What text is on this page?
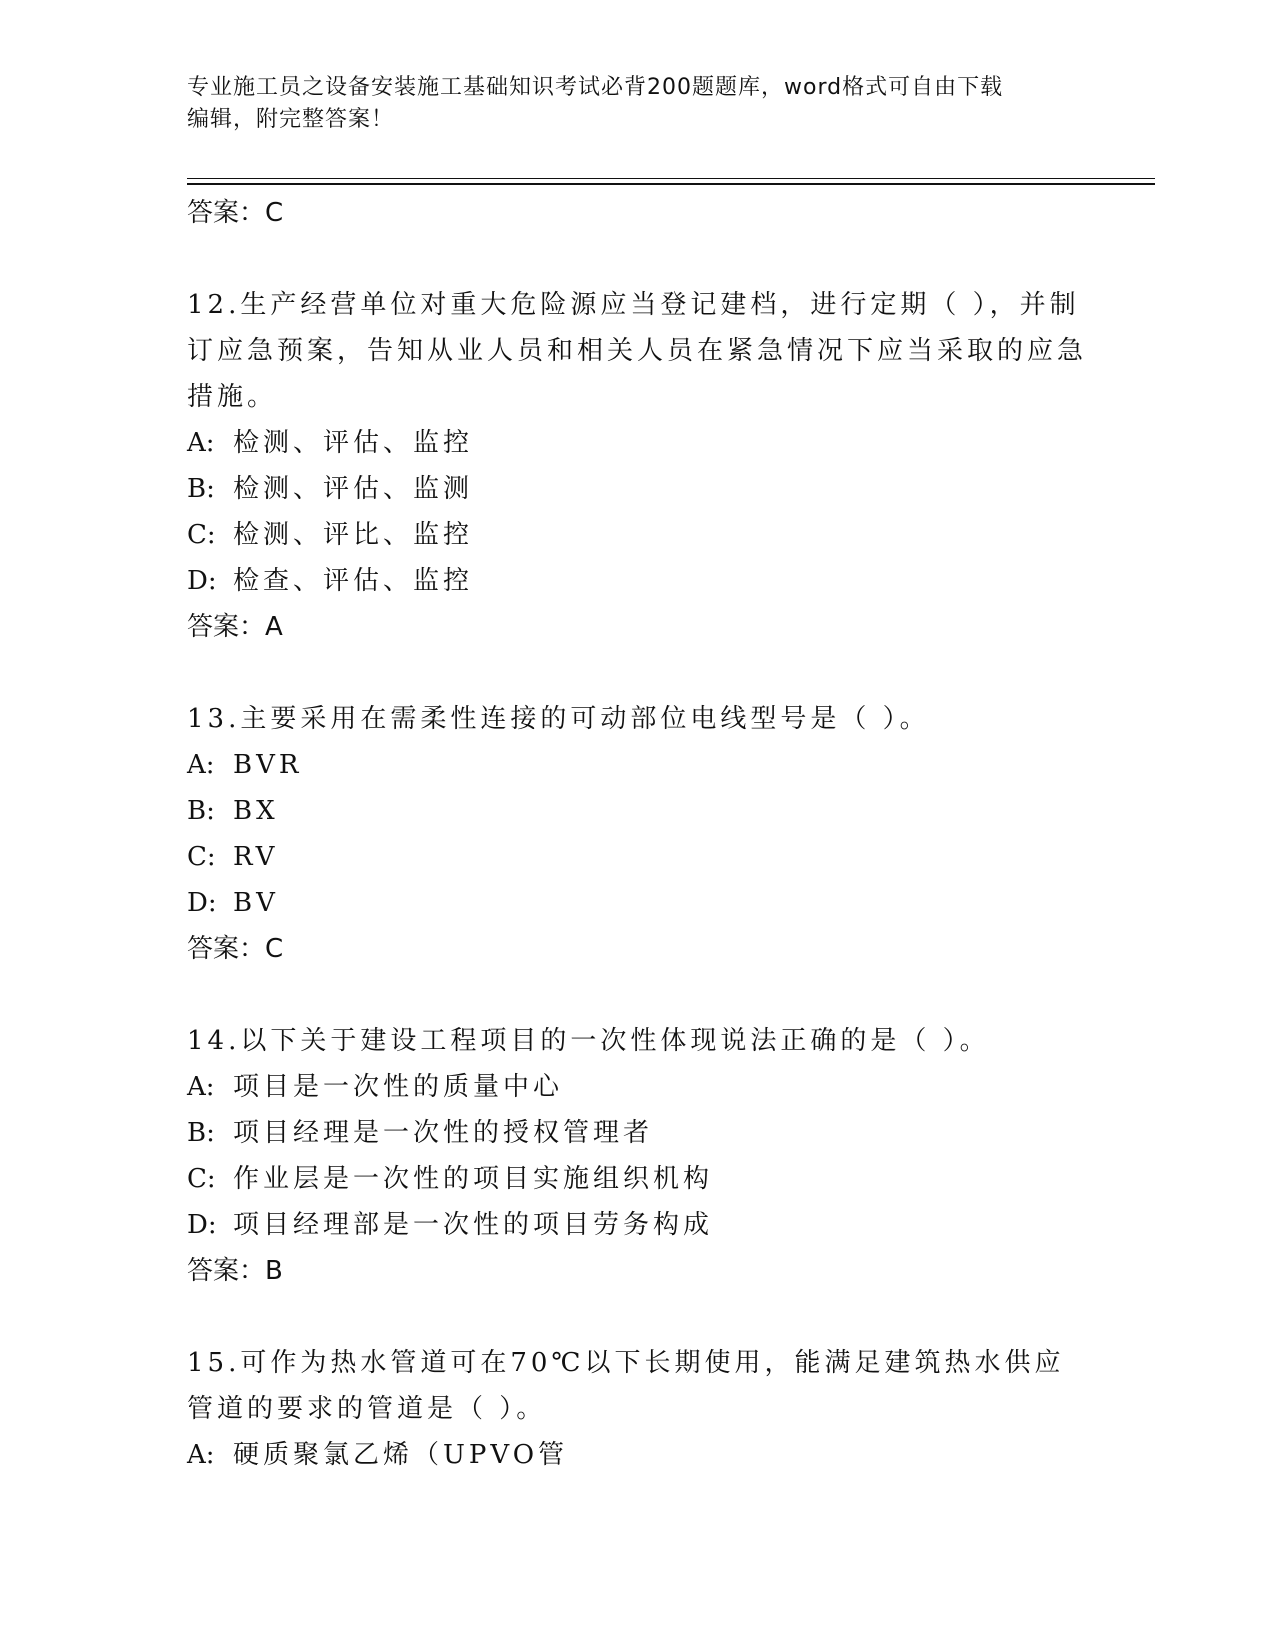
专业施工员之设备安装施工基础知识考试必背200题题库，word格式可自由下载
编辑，附完整答案！

答案：C

12.生产经营单位对重大危险源应当登记建档，进行定期（ ），并制订应急预案，告知从业人员和相关人员在紧急情况下应当采取的应急措施。

A: 检测、评估、监控

B: 检测、评估、监测

C: 检测、评比、监控

D: 检查、评估、监控

答案：A

13.主要采用在需柔性连接的可动部位电线型号是（ ）。

A: BVR

B: BX

C: RV

D: BV

答案：C

14.以下关于建设工程项目的一次性体现说法正确的是（ ）。

A: 项目是一次性的质量中心

B: 项目经理是一次性的授权管理者

C: 作业层是一次性的项目实施组织机构

D: 项目经理部是一次性的项目劳务构成

答案：B

15.可作为热水管道可在70℃以下长期使用，能满足建筑热水供应管道的要求的管道是（ ）。

A: 硬质聚氯乙烯（UPVO管
